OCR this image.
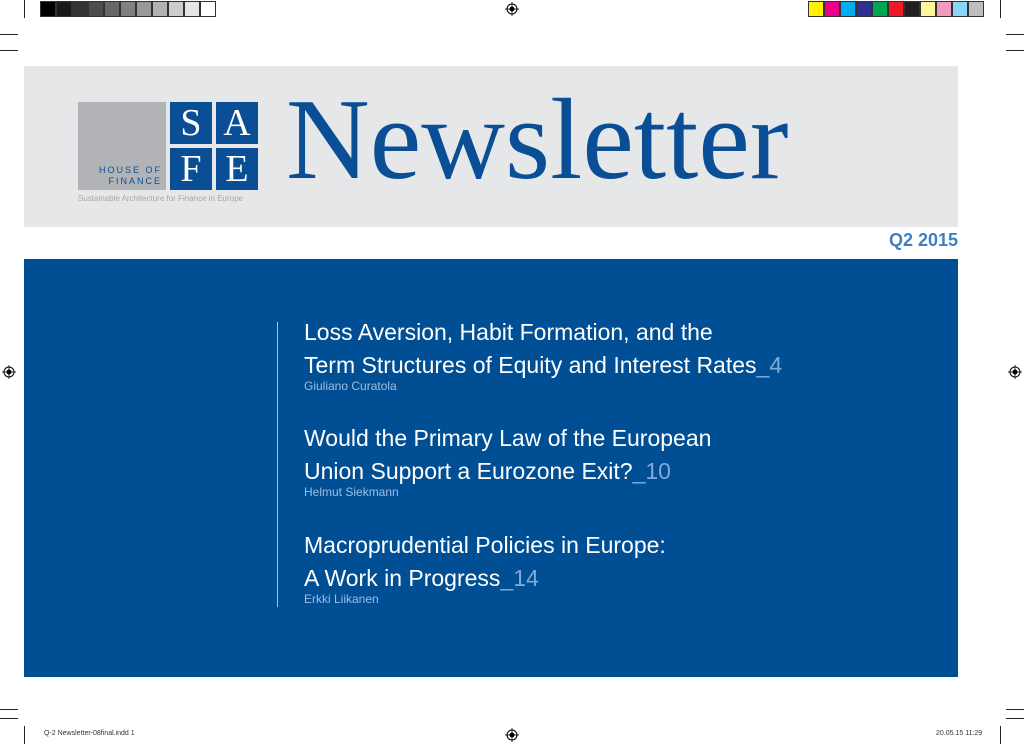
HOUSE OF
FINANCE
S A
F E
Sustainable Architecture for Finance in Europe Newsletter
Q2 2015
Loss Aversion, Habit Formation, and the
Term Structures of Equity and Interest Rates_4
Giuliano Curatola
Would the Primary Law of the European
Union Support a Eurozone Exit?_10
Helmut Siekmann
Macroprudential Policies in Europe:
A Work in Progress_14
Erkki Liikanen
Q-2 Newsletter-08final.indd 1	20.05.15 11:29
